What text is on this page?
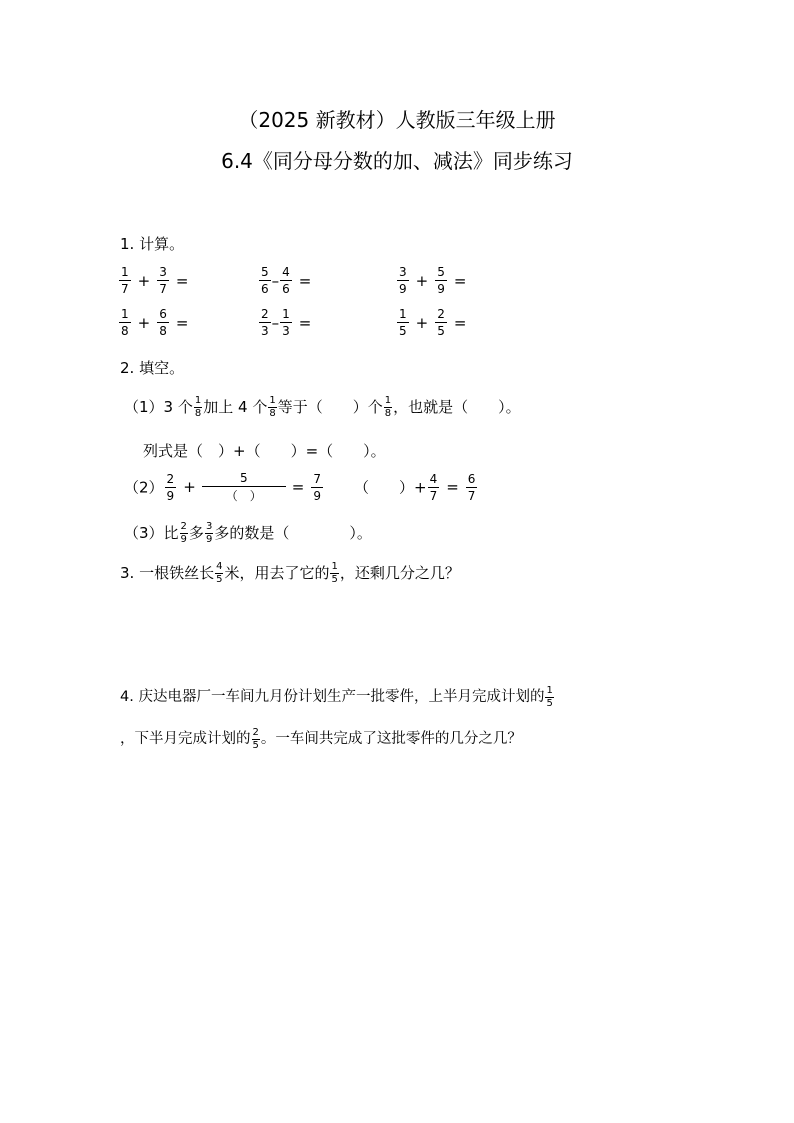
（2025 新教材）人教版三年级上册
6.4《同分母分数的加、减法》同步练习
1. 计算。
$\frac{1}{7} + \frac{3}{7}$ =	$\frac{5}{6} - \frac{4}{6}$ =	$\frac{3}{9} + \frac{5}{9}$ =
$\frac{1}{8} + \frac{6}{8}$ =	$\frac{2}{3} - \frac{1}{3}$ =	$\frac{1}{5} + \frac{2}{5}$ =
2. 填空。
（1）3 个 $\frac{1}{8}$ 加上 4 个 $\frac{1}{8}$ 等于（　　）个 $\frac{1}{8}$ ，也就是（　　）。
列式是（　）+（　　）=（　　）。
$(2) \frac{2}{9} + \frac{5}{( )} = \frac{7}{9}$ （　　）+ $\frac{4}{7} = \frac{6}{7}$
（3）比 $\frac{2}{9}$ 多 $\frac{3}{9}$ 多的数是（　　　　）。
3. 一根铁丝长 $\frac{4}{5}$ 米，用去了它的 $\frac{1}{5}$ ，还剩几分之几？
4. 庆达电器厂一车间九月份计划生产一批零件，上半月完成计划的 $\frac{1}{5}$
，下半月完成计划的 $\frac{2}{5}$ 。一车间共完成了这批零件的几分之几？
